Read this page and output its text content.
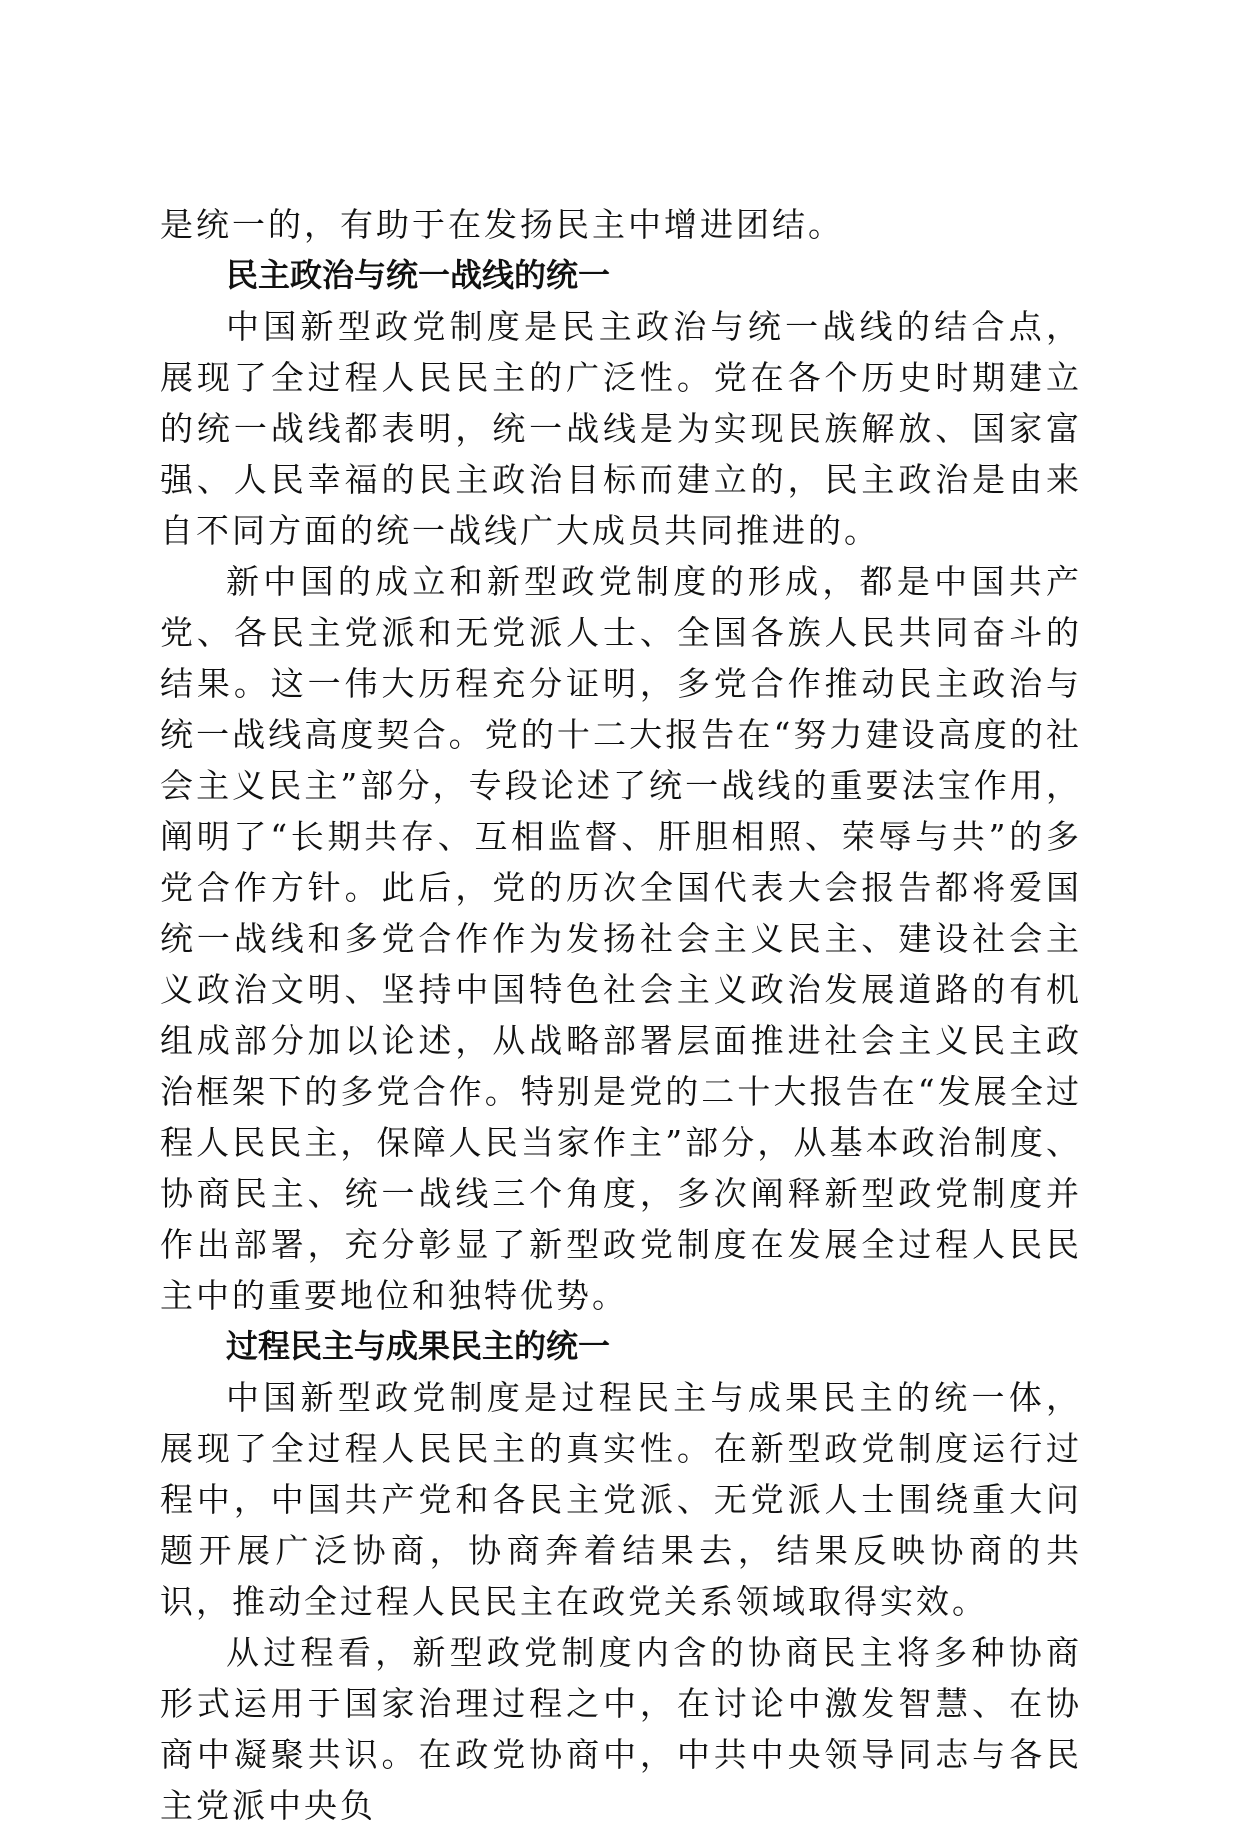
是统一的，有助于在发扬民主中增进团结。

民主政治与统一战线的统一

中国新型政党制度是民主政治与统一战线的结合点，展现了全过程人民民主的广泛性。党在各个历史时期建立的统一战线都表明，统一战线是为实现民族解放、国家富强、人民幸福的民主政治目标而建立的，民主政治是由来自不同方面的统一战线广大成员共同推进的。

新中国的成立和新型政党制度的形成，都是中国共产党、各民主党派和无党派人士、全国各族人民共同奋斗的结果。这一伟大历程充分证明，多党合作推动民主政治与统一战线高度契合。党的十二大报告在“努力建设高度的社会主义民主”部分，专段论述了统一战线的重要法宝作用，阐明了“长期共存、互相监督、肝胆相照、荣辱与共”的多党合作方针。此后，党的历次全国代表大会报告都将爱国统一战线和多党合作作为发扬社会主义民主、建设社会主义政治文明、坚持中国特色社会主义政治发展道路的有机组成部分加以论述，从战略部署层面推进社会主义民主政治框架下的多党合作。特别是党的二十大报告在“发展全过程人民民主，保障人民当家作主”部分，从基本政治制度、协商民主、统一战线三个角度，多次阐释新型政党制度并作出部署，充分彰显了新型政党制度在发展全过程人民民主中的重要地位和独特优势。

过程民主与成果民主的统一

中国新型政党制度是过程民主与成果民主的统一体，展现了全过程人民民主的真实性。在新型政党制度运行过程中，中国共产党和各民主党派、无党派人士围绕重大问题开展广泛协商，协商奔着结果去，结果反映协商的共识，推动全过程人民民主在政党关系领域取得实效。

从过程看，新型政党制度内含的协商民主将多种协商形式运用于国家治理过程之中，在讨论中激发智慧、在协商中凝聚共识。在政党协商中，中共中央领导同志与各民主党派中央负
